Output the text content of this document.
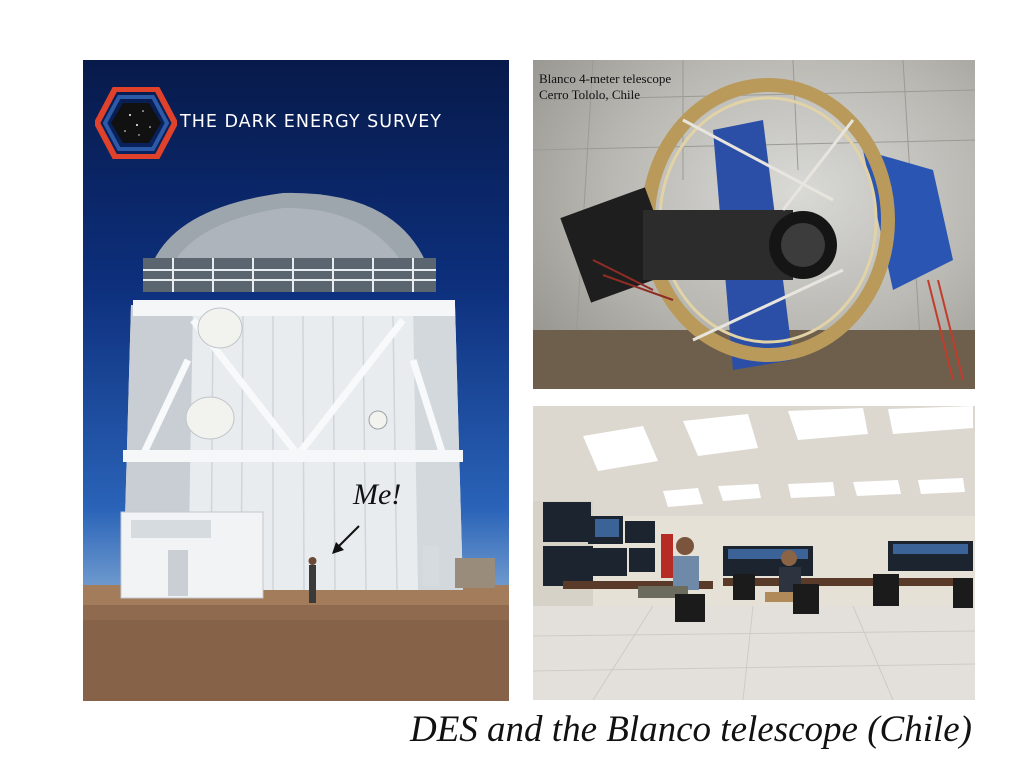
THE DARK ENERGY SURVEY
Me!
Blanco 4-meter telescope
Cerro Tololo, Chile
DES and the Blanco telescope (Chile)
